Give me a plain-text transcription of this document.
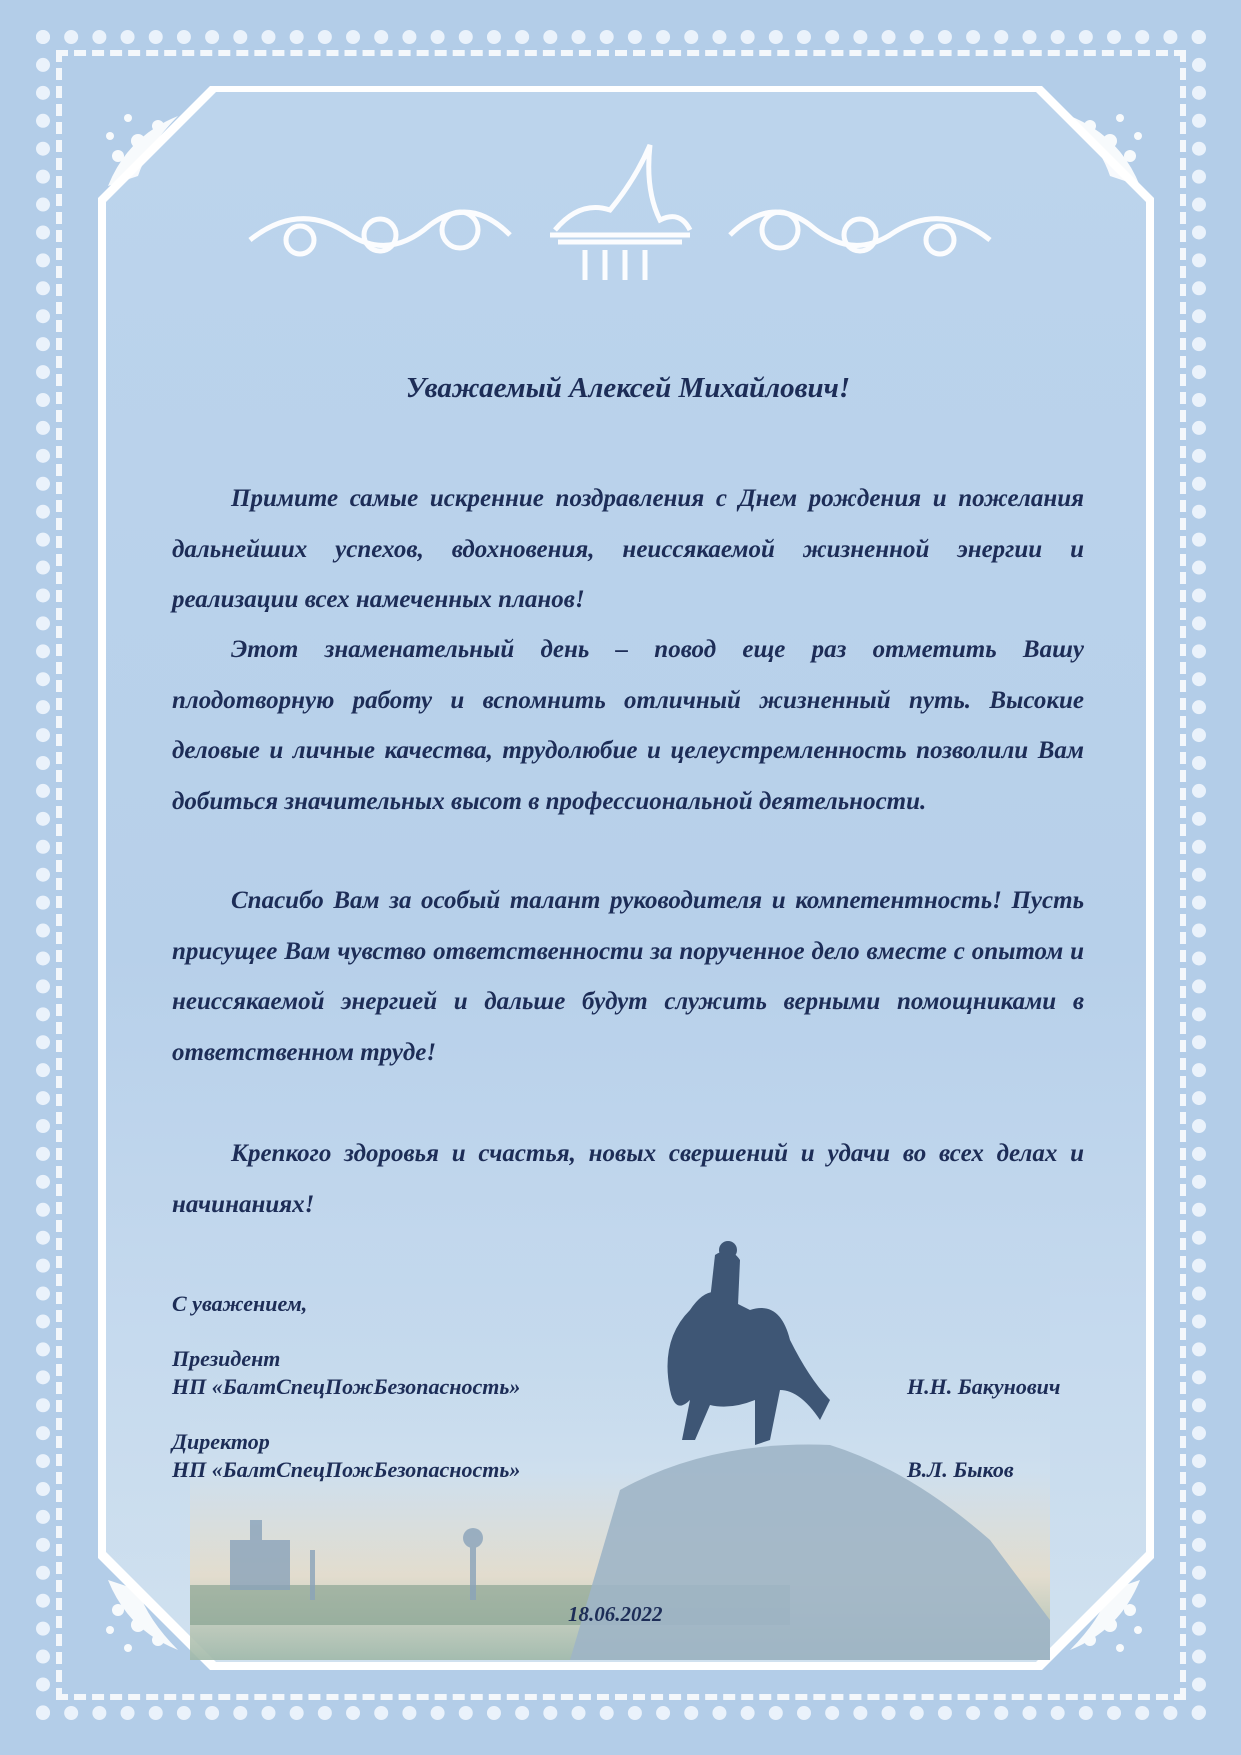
Уважаемый Алексей Михайлович!

Примите самые искренние поздравления с Днем рождения и пожелания дальнейших успехов, вдохновения, неиссякаемой жизненной энергии и реализации всех намеченных планов!

Этот знаменательный день – повод еще раз отметить Вашу плодотворную работу и вспомнить отличный жизненный путь. Высокие деловые и личные качества, трудолюбие и целеустремленность позволили Вам добиться значительных высот в профессиональной деятельности.

Спасибо Вам за особый талант руководителя и компетентность! Пусть присущее Вам чувство ответственности за порученное дело вместе с опытом и неиссякаемой энергией и дальше будут служить верными помощниками в ответственном труде!

Крепкого здоровья и счастья, новых свершений и удачи во всех делах и начинаниях!

С уважением,
Президент
НП «БалтСпецПожБезопасность»	Н.Н. Бакунович
Директор
НП «БалтСпецПожБезопасность»	В.Л. Быков
18.06.2022
